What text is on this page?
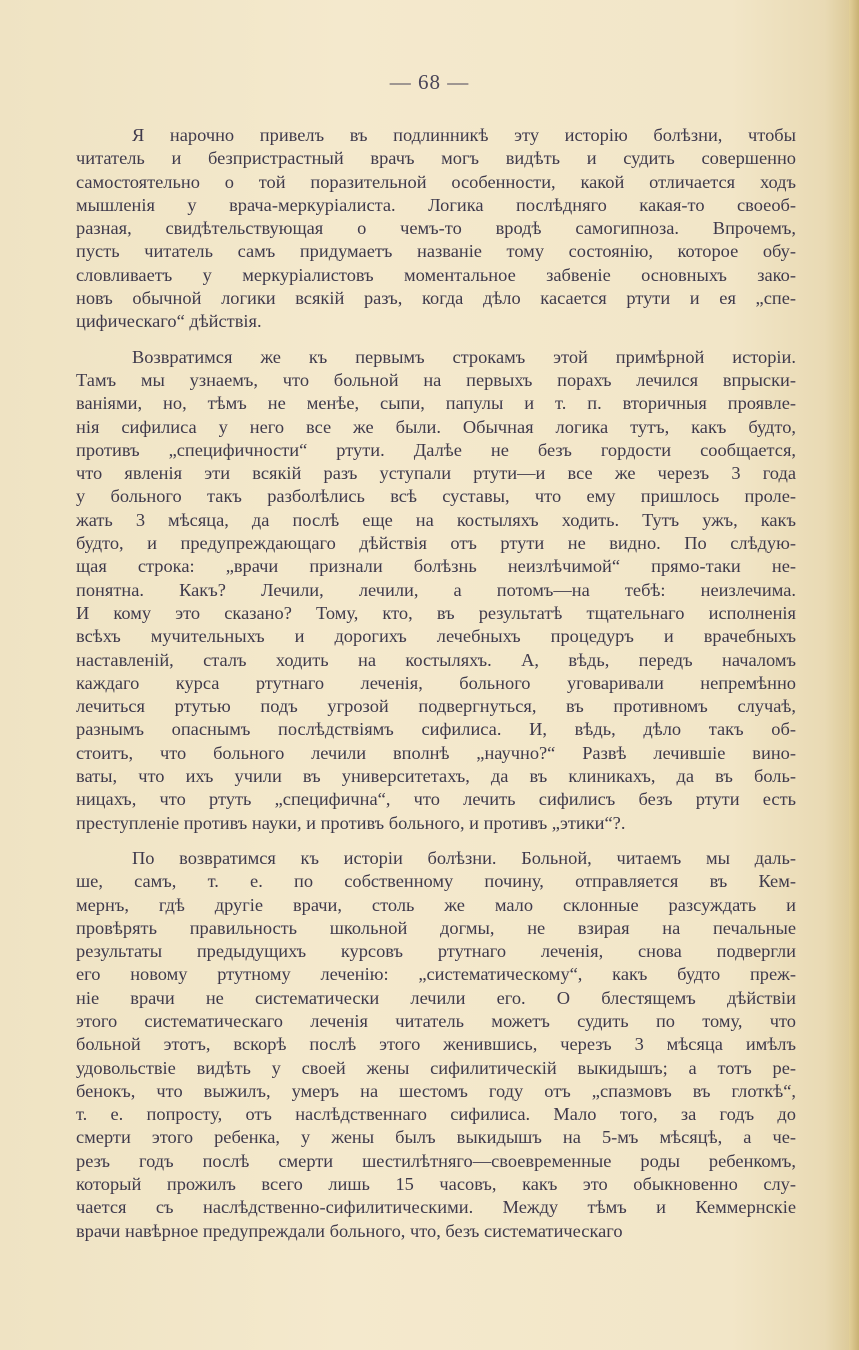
— 68 —
Я нарочно привелъ въ подлинникѣ эту исторію болѣзни, чтобы
читатель и безпристрастный врачъ могъ видѣть и судить совершенно
самостоятельно о той поразительной особенности, какой отличается ходъ
мышленія у врача-меркуріалиста. Логика послѣдняго какая-то своеоб-
разная, свидѣтельствующая о чемъ-то вродѣ самогипноза. Впрочемъ,
пусть читатель самъ придумаетъ названіе тому состоянію, которое обу-
словливаетъ у меркуріалистовъ моментальное забвеніе основныхъ зако-
новъ обычной логики всякій разъ, когда дѣло касается ртути и ея „спе-
цифическаго“ дѣйствія.
Возвратимся же къ первымъ строкамъ этой примѣрной исторіи.
Тамъ мы узнаемъ, что больной на первыхъ порахъ лечился впрыски-
ваніями, но, тѣмъ не менѣе, сыпи, папулы и т. п. вторичныя проявле-
нія сифилиса у него все же были. Обычная логика тутъ, какъ будто,
противъ „специфичности“ ртути. Далѣе не безъ гордости сообщается,
что явленія эти всякій разъ уступали ртути—и все же черезъ 3 года
у больного такъ разболѣлись всѣ суставы, что ему пришлось проле-
жать 3 мѣсяца, да послѣ еще на костыляхъ ходить. Тутъ ужъ, какъ
будто, и предупреждающаго дѣйствія отъ ртути не видно. По слѣдую-
щая строка: „врачи признали болѣзнь неизлѣчимой“ прямо-таки не-
понятна. Какъ? Лечили, лечили, а потомъ—на тебѣ: неизлечима.
И кому это сказано? Тому, кто, въ результатѣ тщательнаго исполненія
всѣхъ мучительныхъ и дорогихъ лечебныхъ процедуръ и врачебныхъ
наставленій, сталъ ходить на костыляхъ. А, вѣдь, передъ началомъ
каждаго курса ртутнаго леченія, больного уговаривали непремѣнно
лечиться ртутью подъ угрозой подвергнуться, въ противномъ случаѣ,
разнымъ опаснымъ послѣдствіямъ сифилиса. И, вѣдь, дѣло такъ об-
стоитъ, что больного лечили вполнѣ „научно?“ Развѣ лечившіе вино-
ваты, что ихъ учили въ университетахъ, да въ клиникахъ, да въ боль-
ницахъ, что ртуть „специфична“, что лечить сифилисъ безъ ртути есть
преступленіе противъ науки, и противъ больного, и противъ „этики“?.
По возвратимся къ исторіи болѣзни. Больной, читаемъ мы даль-
ше, самъ, т. е. по собственному почину, отправляется въ Кем-
мернъ, гдѣ другіе врачи, столь же мало склонные разсуждать и
провѣрять правильность школьной догмы, не взирая на печальные
результаты предыдущихъ курсовъ ртутнаго леченія, снова подвергли
его новому ртутному леченію: „систематическому“, какъ будто преж-
ніе врачи не систематически лечили его. О блестящемъ дѣйствіи
этого систематическаго леченія читатель можетъ судить по тому, что
больной этотъ, вскорѣ послѣ этого женившись, черезъ 3 мѣсяца имѣлъ
удовольствіе видѣть у своей жены сифилитическій выкидышъ; а тотъ ре-
бенокъ, что выжилъ, умеръ на шестомъ году отъ „спазмовъ въ глоткѣ“,
т. е. попросту, отъ наслѣдственнаго сифилиса. Мало того, за годъ до
смерти этого ребенка, у жены былъ выкидышъ на 5-мъ мѣсяцѣ, а че-
резъ годъ послѣ смерти шестилѣтняго—своевременные роды ребенкомъ,
который прожилъ всего лишь 15 часовъ, какъ это обыкновенно слу-
чается съ наслѣдственно-сифилитическими. Между тѣмъ и Кеммернскіе
врачи навѣрное предупреждали больного, что, безъ систематическаго
